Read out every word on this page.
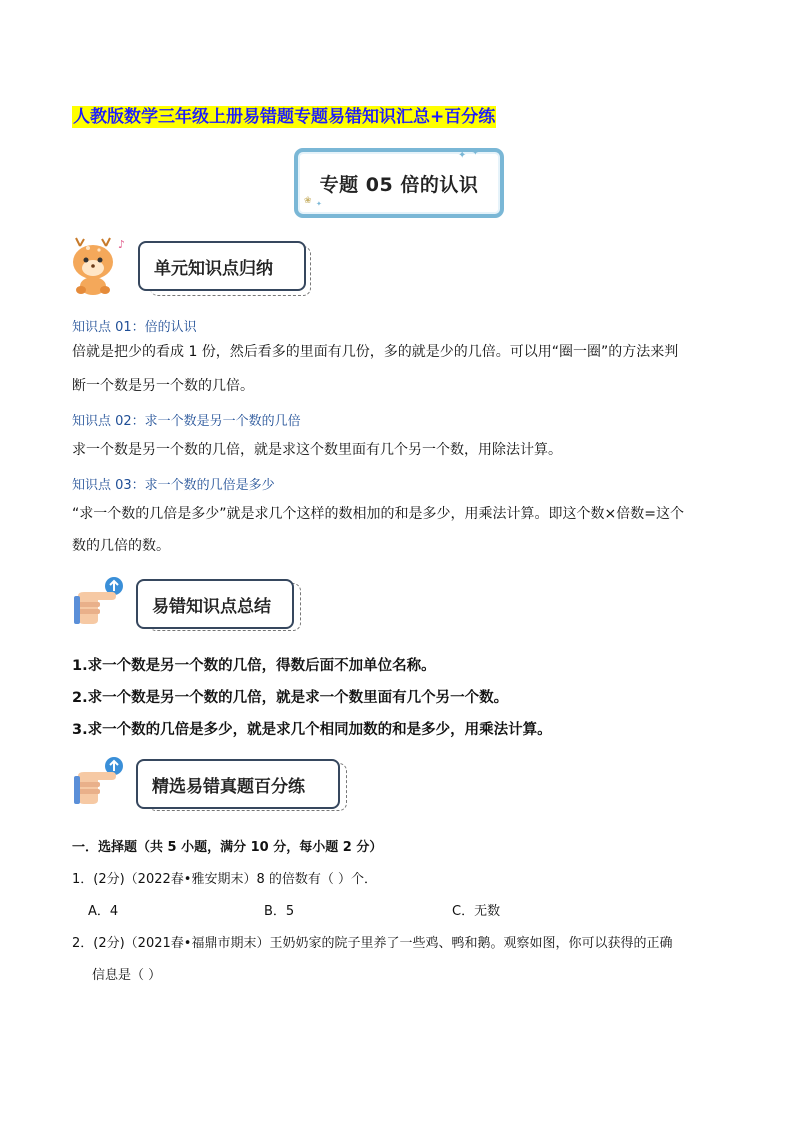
人教版数学三年级上册易错题专题易错知识汇总+百分练
✦ ✦
❀ ✦
专题 05 倍的认识
♪
单元知识点归纳
知识点 01：倍的认识
倍就是把少的看成 1 份，然后看多的里面有几份，多的就是少的几倍。可以用“圈一圈”的方法来判
断一个数是另一个数的几倍。
知识点 02：求一个数是另一个数的几倍
求一个数是另一个数的几倍，就是求这个数里面有几个另一个数，用除法计算。
知识点 03：求一个数的几倍是多少
“求一个数的几倍是多少”就是求几个这样的数相加的和是多少，用乘法计算。即这个数×倍数=这个
数的几倍的数。
易错知识点总结
1.求一个数是另一个数的几倍，得数后面不加单位名称。
2.求一个数是另一个数的几倍，就是求一个数里面有几个另一个数。
3.求一个数的几倍是多少，就是求几个相同加数的和是多少，用乘法计算。
精选易错真题百分练
一．选择题（共 5 小题，满分 10 分，每小题 2 分）
1．(2分)（2022春•雅安期末）8 的倍数有（ ）个．
A．4	B．5	C．无数
2．(2分)（2021春•福鼎市期末）王奶奶家的院子里养了一些鸡、鸭和鹅。观察如图，你可以获得的正确
信息是（ ）
